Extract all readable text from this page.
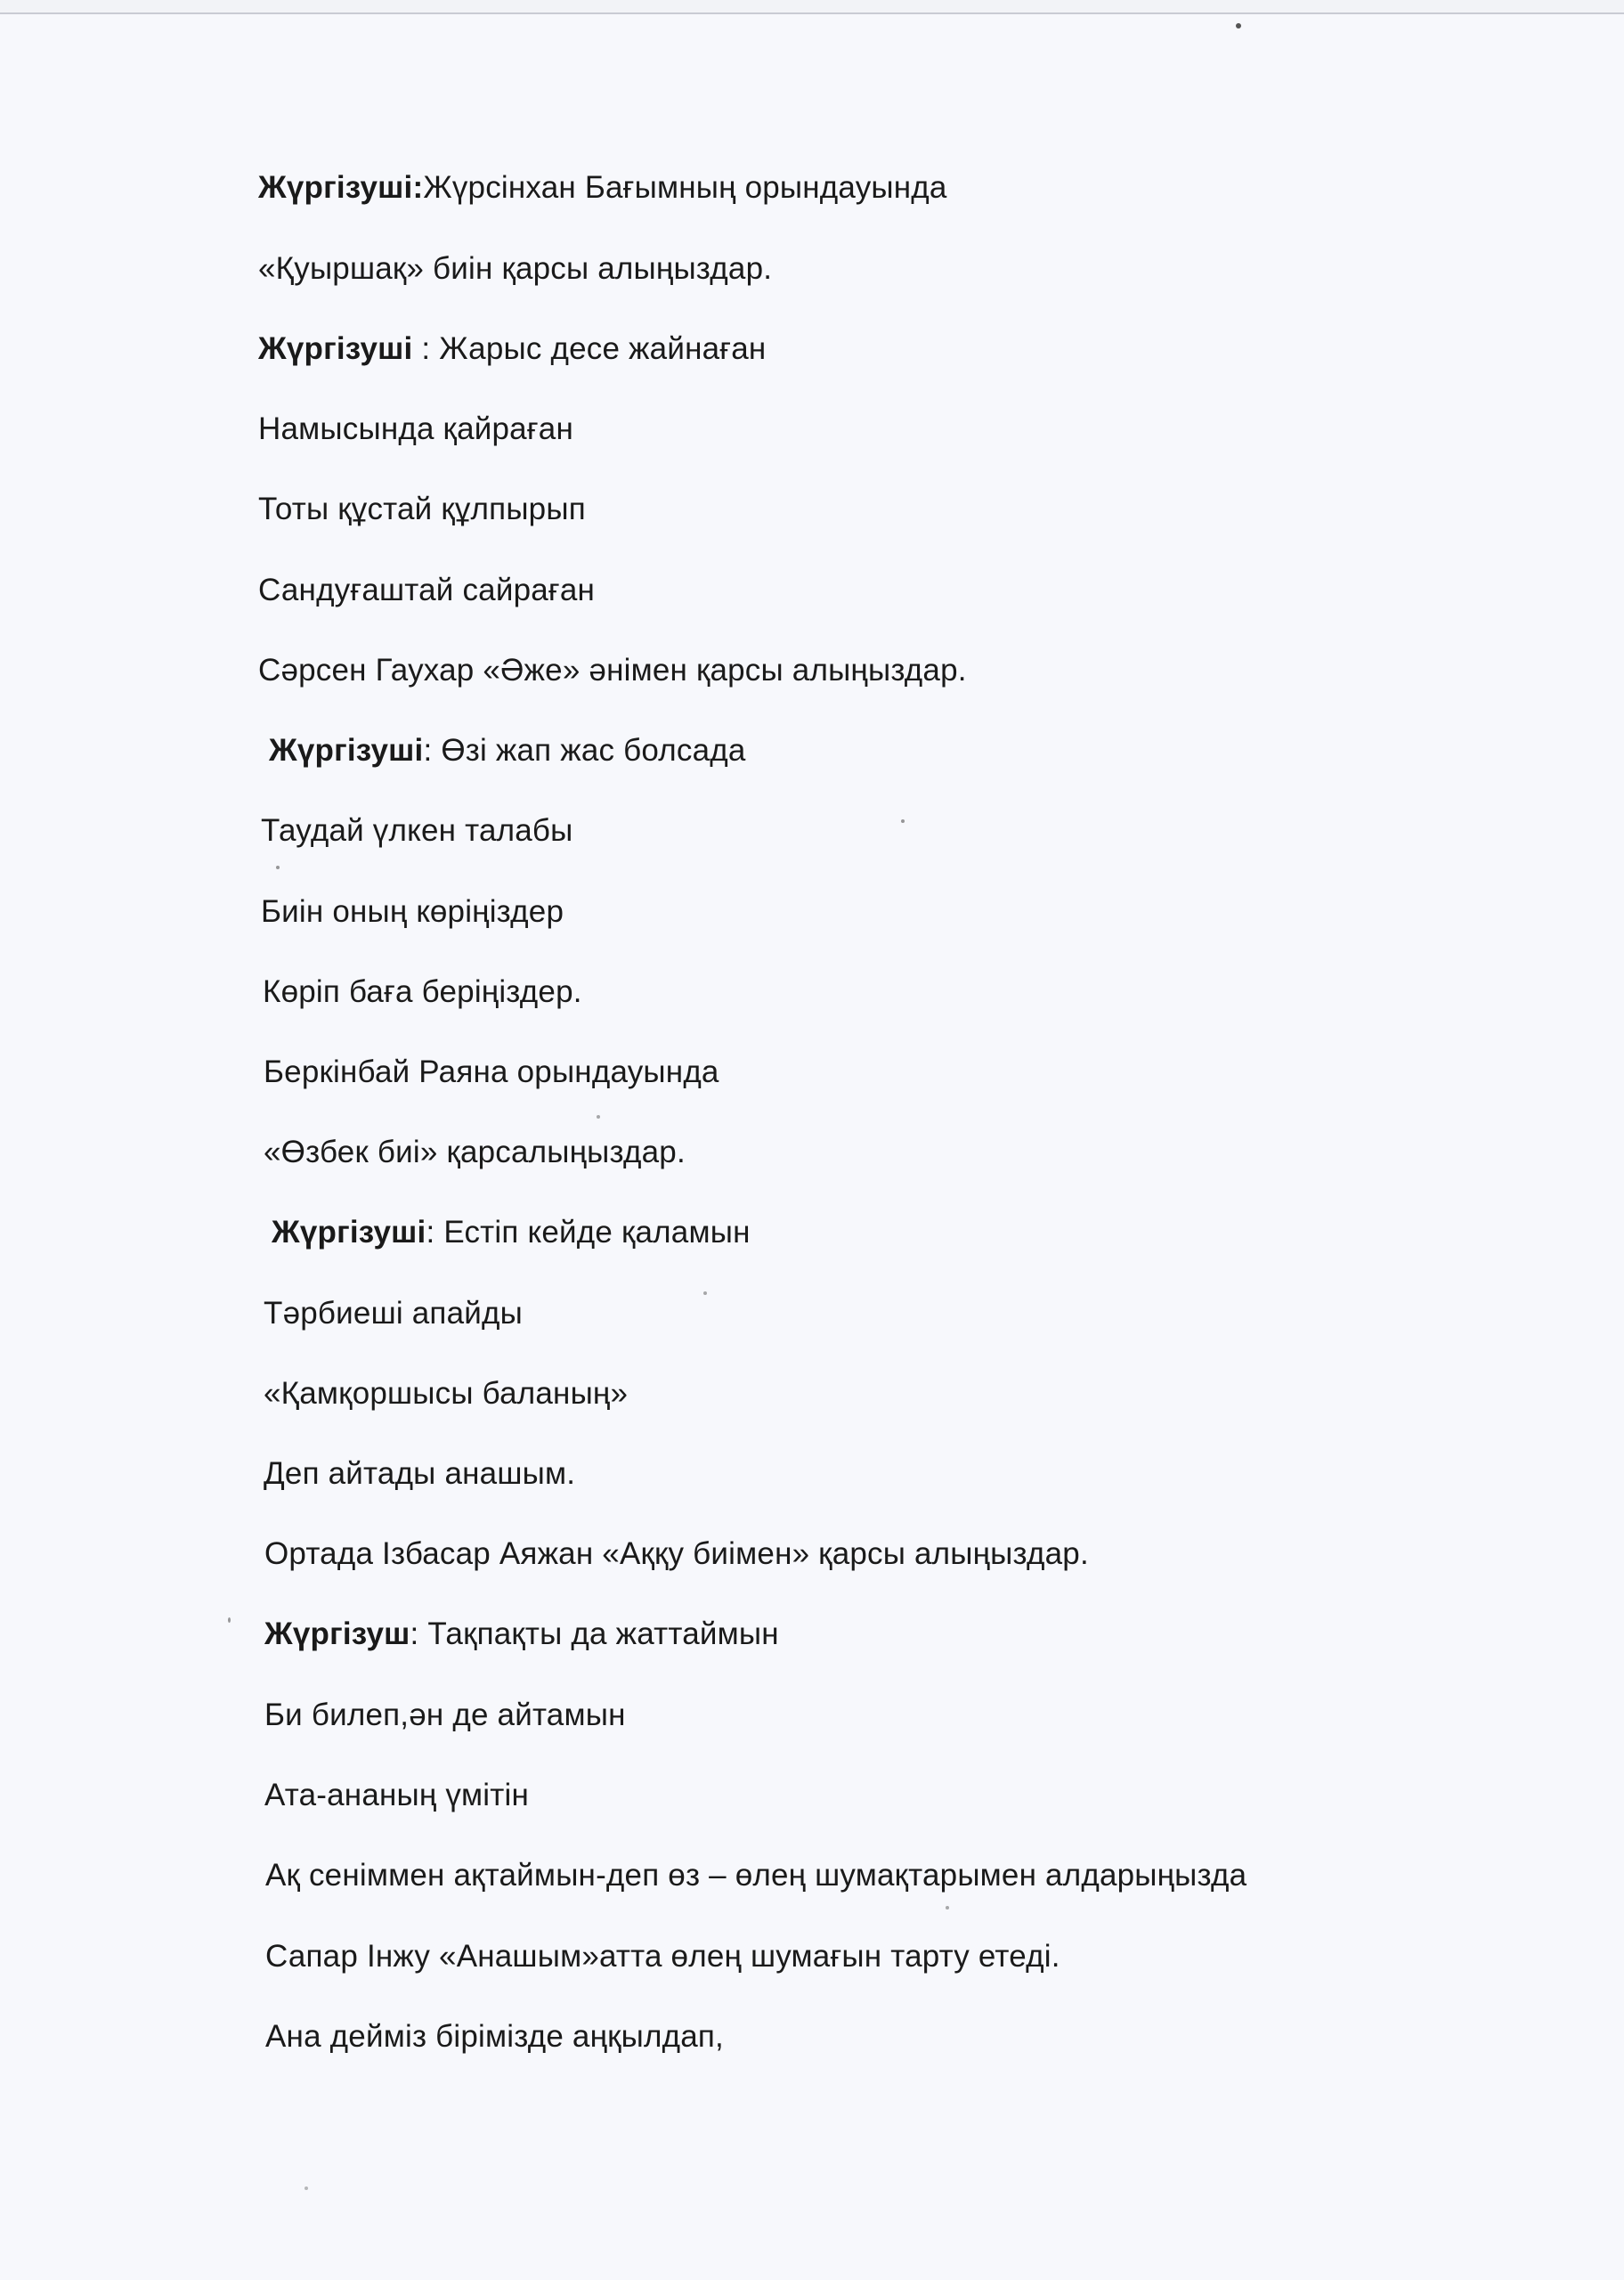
Жүргізуші:Жүрсінхан Бағымның орындауында
«Қуыршақ» биін қарсы алыңыздар.
Жүргізуші : Жарыс десе жайнаған
Намысында қайраған
Тоты құстай құлпырып
Сандуғаштай сайраған
Сәрсен Гаухар «Әже» әнімен қарсы алыңыздар.
Жүргізуші: Өзі жап жас болсада
Таудай үлкен талабы
Биін оның көріңіздер
Көріп баға беріңіздер.
Беркінбай Раяна орындауында
«Өзбек биі» қарсалыңыздар.
Жүргізуші: Естіп кейде қаламын
Тәрбиеші апайды
«Қамқоршысы баланың»
Деп айтады анашым.
Ортада Ізбасар Аяжан «Аққу биімен» қарсы алыңыздар.
Жүргізуш: Тақпақты да жаттаймын
Би билеп,ән де айтамын
Ата-ананың үмітін
Ақ сеніммен ақтаймын-деп өз – өлең шумақтарымен алдарыңызда
Сапар Інжу «Анашым»атта өлең шумағын тарту етеді.
Ана дейміз бірімізде аңқылдап,
